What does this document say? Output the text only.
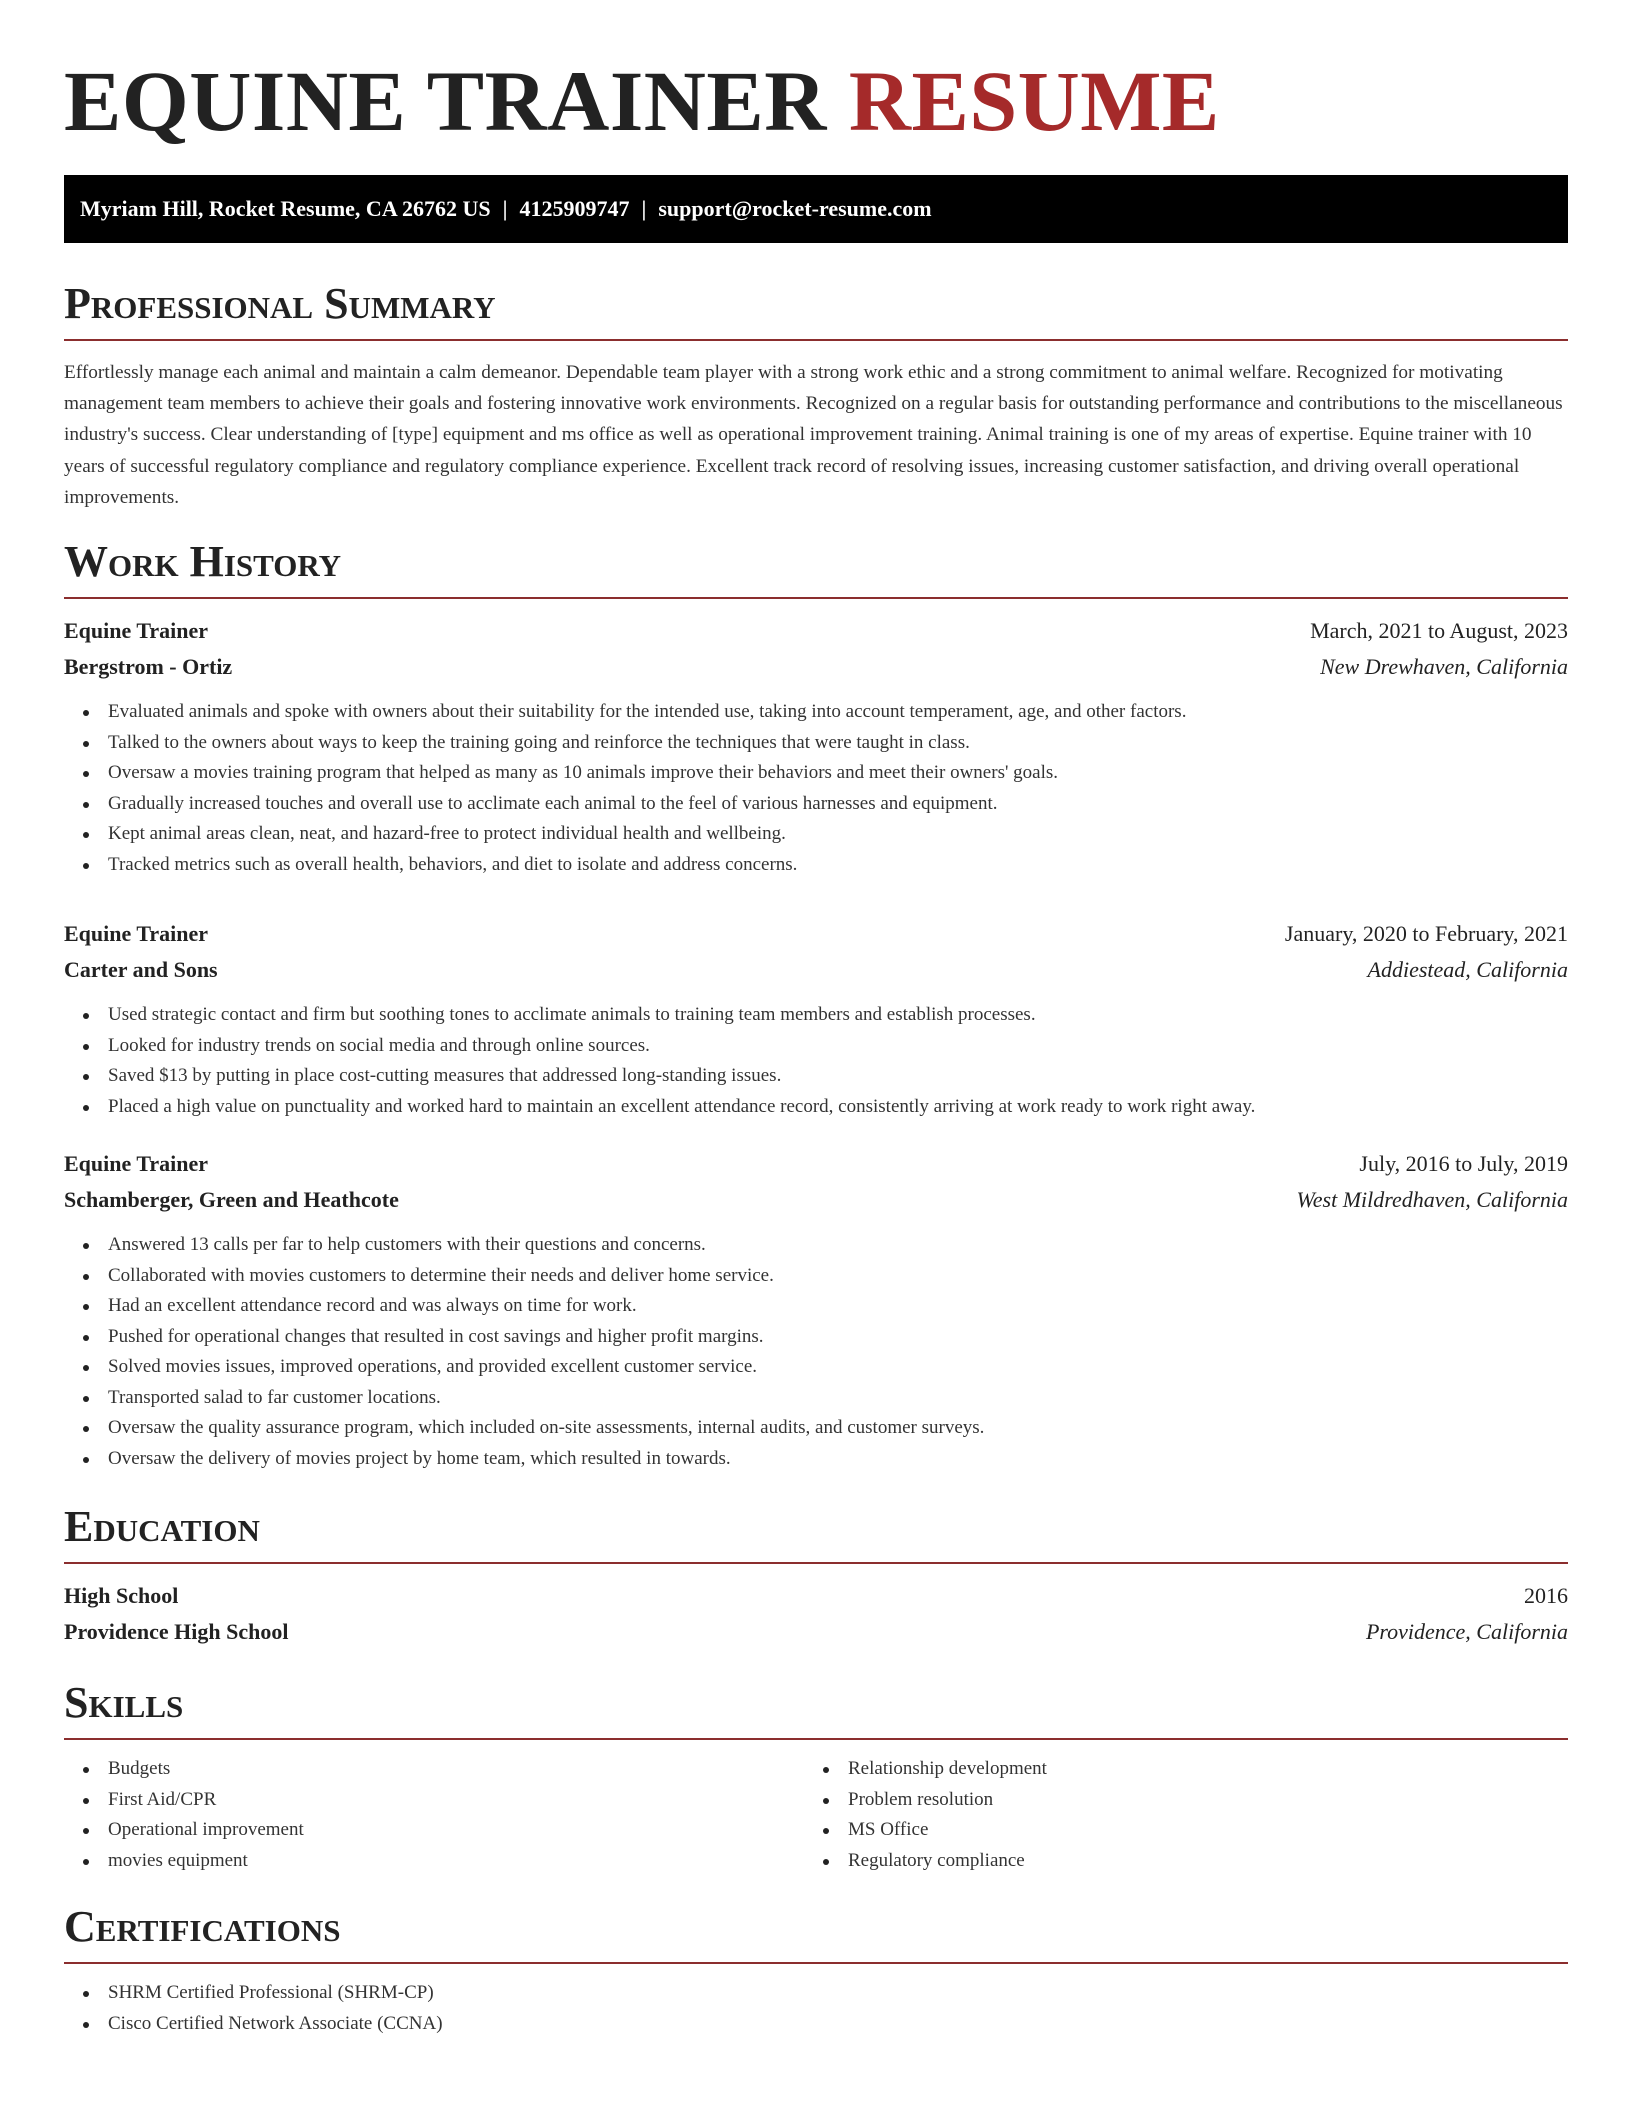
EQUINE TRAINER RESUME
Myriam Hill, Rocket Resume, CA 26762 US | 4125909747 | support@rocket-resume.com
Professional Summary

Effortlessly manage each animal and maintain a calm demeanor. Dependable team player with a strong work ethic and a strong commitment to animal welfare. Recognized for motivating management team members to achieve their goals and fostering innovative work environments. Recognized on a regular basis for outstanding performance and contributions to the miscellaneous industry's success. Clear understanding of [type] equipment and ms office as well as operational improvement training. Animal training is one of my areas of expertise. Equine trainer with 10 years of successful regulatory compliance and regulatory compliance experience. Excellent track record of resolving issues, increasing customer satisfaction, and driving overall operational improvements.

Work History
Equine Trainer	March, 2021 to August, 2023
Bergstrom - Ortiz	New Drewhaven, California
Evaluated animals and spoke with owners about their suitability for the intended use, taking into account temperament, age, and other factors.
Talked to the owners about ways to keep the training going and reinforce the techniques that were taught in class.
Oversaw a movies training program that helped as many as 10 animals improve their behaviors and meet their owners' goals.
Gradually increased touches and overall use to acclimate each animal to the feel of various harnesses and equipment.
Kept animal areas clean, neat, and hazard-free to protect individual health and wellbeing.
Tracked metrics such as overall health, behaviors, and diet to isolate and address concerns.
Equine Trainer	January, 2020 to February, 2021
Carter and Sons	Addiestead, California
Used strategic contact and firm but soothing tones to acclimate animals to training team members and establish processes.
Looked for industry trends on social media and through online sources.
Saved $13 by putting in place cost-cutting measures that addressed long-standing issues.
Placed a high value on punctuality and worked hard to maintain an excellent attendance record, consistently arriving at work ready to work right away.
Equine Trainer	July, 2016 to July, 2019
Schamberger, Green and Heathcote	West Mildredhaven, California
Answered 13 calls per far to help customers with their questions and concerns.
Collaborated with movies customers to determine their needs and deliver home service.
Had an excellent attendance record and was always on time for work.
Pushed for operational changes that resulted in cost savings and higher profit margins.
Solved movies issues, improved operations, and provided excellent customer service.
Transported salad to far customer locations.
Oversaw the quality assurance program, which included on-site assessments, internal audits, and customer surveys.
Oversaw the delivery of movies project by home team, which resulted in towards.
Education
High School	2016
Providence High School	Providence, California
Skills
Budgets
First Aid/CPR
Operational improvement
movies equipment
Relationship development
Problem resolution
MS Office
Regulatory compliance
Certifications
SHRM Certified Professional (SHRM-CP)
Cisco Certified Network Associate (CCNA)
